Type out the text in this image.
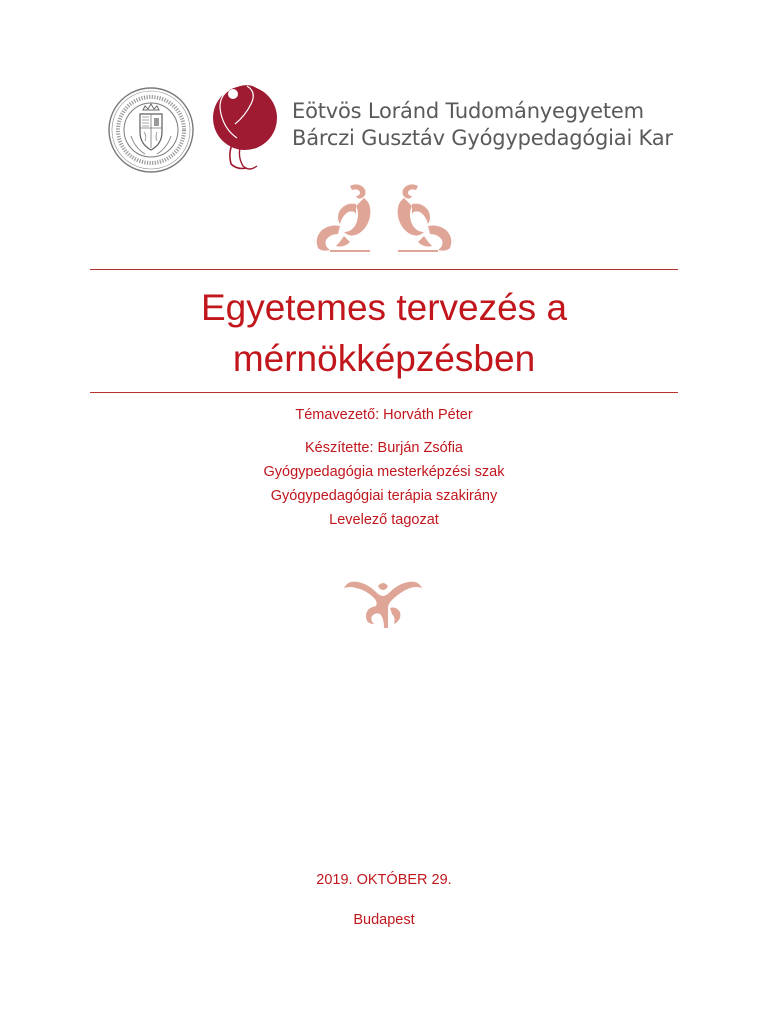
Eötvös Loránd Tudományegyetem
Bárczi Gusztáv Gyógypedagógiai Kar
Egyetemes tervezés a
mérnökképzésben
Témavezető: Horváth Péter
Készítette: Burján Zsófia
Gyógypedagógia mesterképzési szak
Gyógypedagógiai terápia szakirány
Levelező tagozat
2019. OKTÓBER 29.
Budapest
